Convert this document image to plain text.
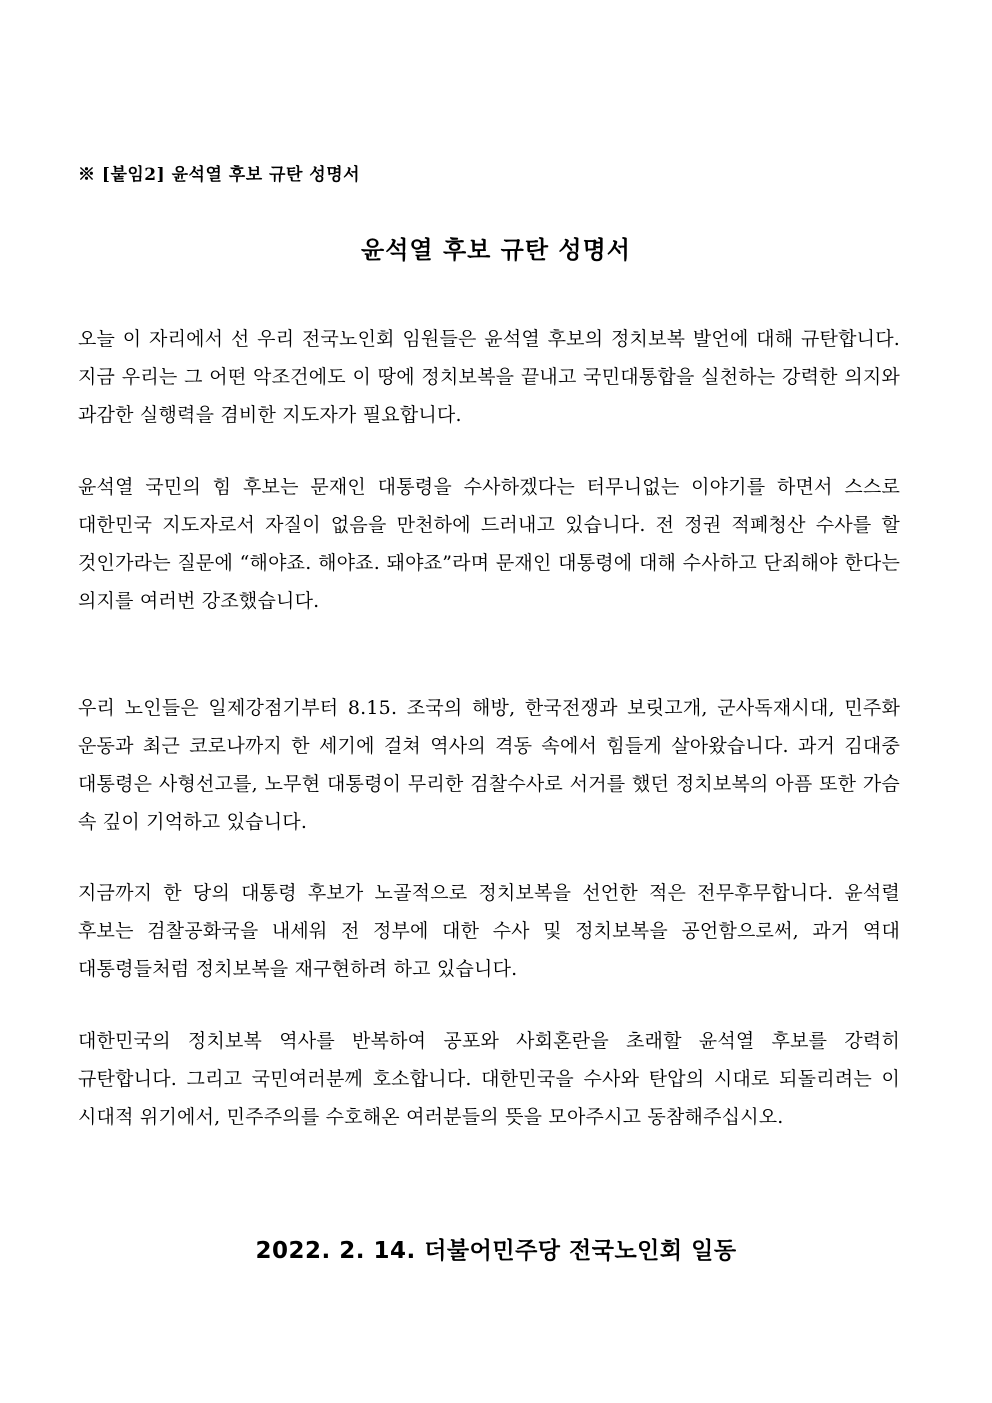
※ [붙임2] 윤석열 후보 규탄 성명서
윤석열 후보 규탄 성명서

오늘 이 자리에서 선 우리 전국노인회 임원들은 윤석열 후보의 정치보복 발언에 대해 규탄합니다. 지금 우리는 그 어떤 악조건에도 이 땅에 정치보복을 끝내고 국민대통합을 실천하는 강력한 의지와 과감한 실행력을 겸비한 지도자가 필요합니다.

윤석열 국민의 힘 후보는 문재인 대통령을 수사하겠다는 터무니없는 이야기를 하면서 스스로 대한민국 지도자로서 자질이 없음을 만천하에 드러내고 있습니다. 전 정권 적폐청산 수사를 할 것인가라는 질문에 “해야죠. 해야죠. 돼야죠”라며 문재인 대통령에 대해 수사하고 단죄해야 한다는 의지를 여러번 강조했습니다.

우리 노인들은 일제강점기부터 8.15. 조국의 해방, 한국전쟁과 보릿고개, 군사독재시대, 민주화 운동과 최근 코로나까지 한 세기에 걸쳐 역사의 격동 속에서 힘들게 살아왔습니다. 과거 김대중 대통령은 사형선고를, 노무현 대통령이 무리한 검찰수사로 서거를 했던 정치보복의 아픔 또한 가슴 속 깊이 기억하고 있습니다.

지금까지 한 당의 대통령 후보가 노골적으로 정치보복을 선언한 적은 전무후무합니다. 윤석렬 후보는 검찰공화국을 내세워 전 정부에 대한 수사 및 정치보복을 공언함으로써, 과거 역대 대통령들처럼 정치보복을 재구현하려 하고 있습니다.

대한민국의 정치보복 역사를 반복하여 공포와 사회혼란을 초래할 윤석열 후보를 강력히 규탄합니다. 그리고 국민여러분께 호소합니다. 대한민국을 수사와 탄압의 시대로 되돌리려는 이 시대적 위기에서, 민주주의를 수호해온 여러분들의 뜻을 모아주시고 동참해주십시오.

2022. 2. 14. 더불어민주당 전국노인회 일동
